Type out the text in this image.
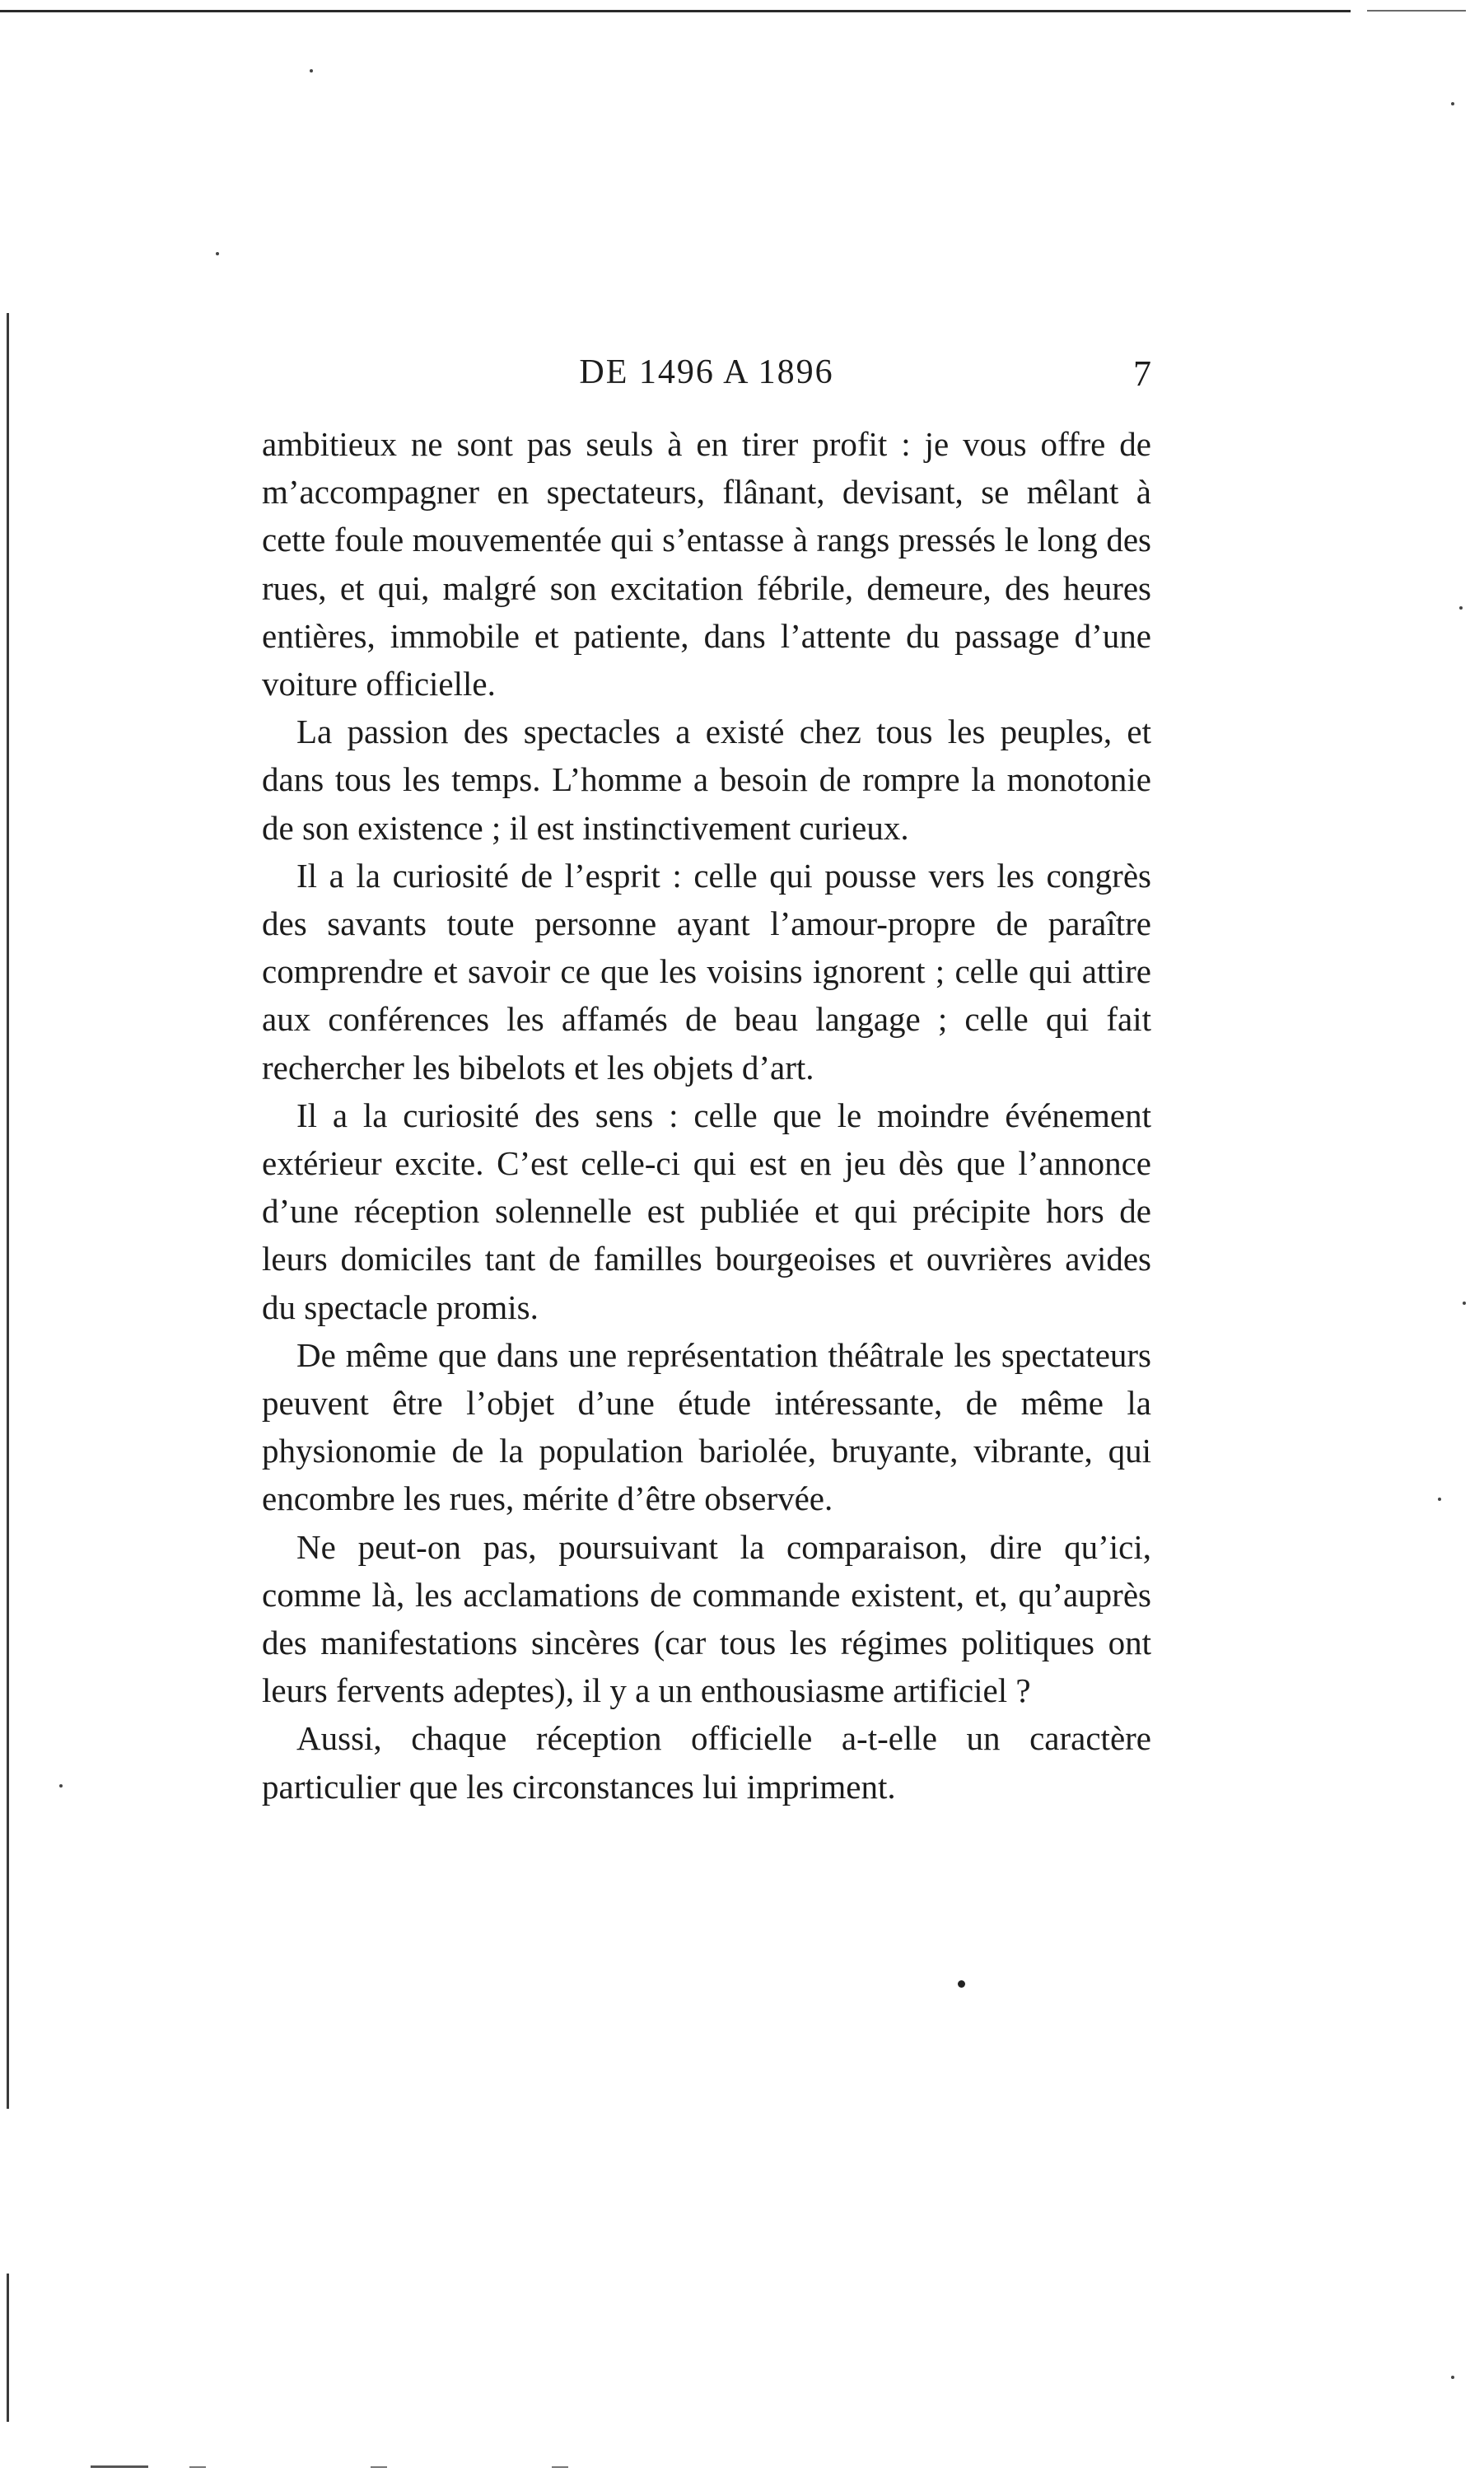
DE 1496 A 1896	7

ambitieux ne sont pas seuls à en tirer profit : je vous offre de m’accompagner en spectateurs, flânant, devisant, se mêlant à cette foule mouvementée qui s’entasse à rangs pressés le long des rues, et qui, malgré son excitation fébrile, demeure, des heures entières, immobile et patiente, dans l’attente du passage d’une voiture officielle.

La passion des spectacles a existé chez tous les peuples, et dans tous les temps. L’homme a besoin de rompre la monotonie de son existence ; il est instinctivement curieux.

Il a la curiosité de l’esprit : celle qui pousse vers les congrès des savants toute personne ayant l’amour-propre de paraître comprendre et savoir ce que les voisins ignorent ; celle qui attire aux conférences les affamés de beau langage ; celle qui fait rechercher les bibelots et les objets d’art.

Il a la curiosité des sens : celle que le moindre événement extérieur excite. C’est celle-ci qui est en jeu dès que l’annonce d’une réception solennelle est publiée et qui précipite hors de leurs domiciles tant de familles bourgeoises et ouvrières avides du spectacle promis.

De même que dans une représentation théâtrale les spectateurs peuvent être l’objet d’une étude intéressante, de même la physionomie de la population bariolée, bruyante, vibrante, qui encombre les rues, mérite d’être observée.

Ne peut-on pas, poursuivant la comparaison, dire qu’ici, comme là, les acclamations de commande existent, et, qu’auprès des manifestations sincères (car tous les régimes politiques ont leurs fervents adeptes), il y a un enthousiasme artificiel ?

Aussi, chaque réception officielle a-t-elle un caractère particulier que les circonstances lui impriment.
